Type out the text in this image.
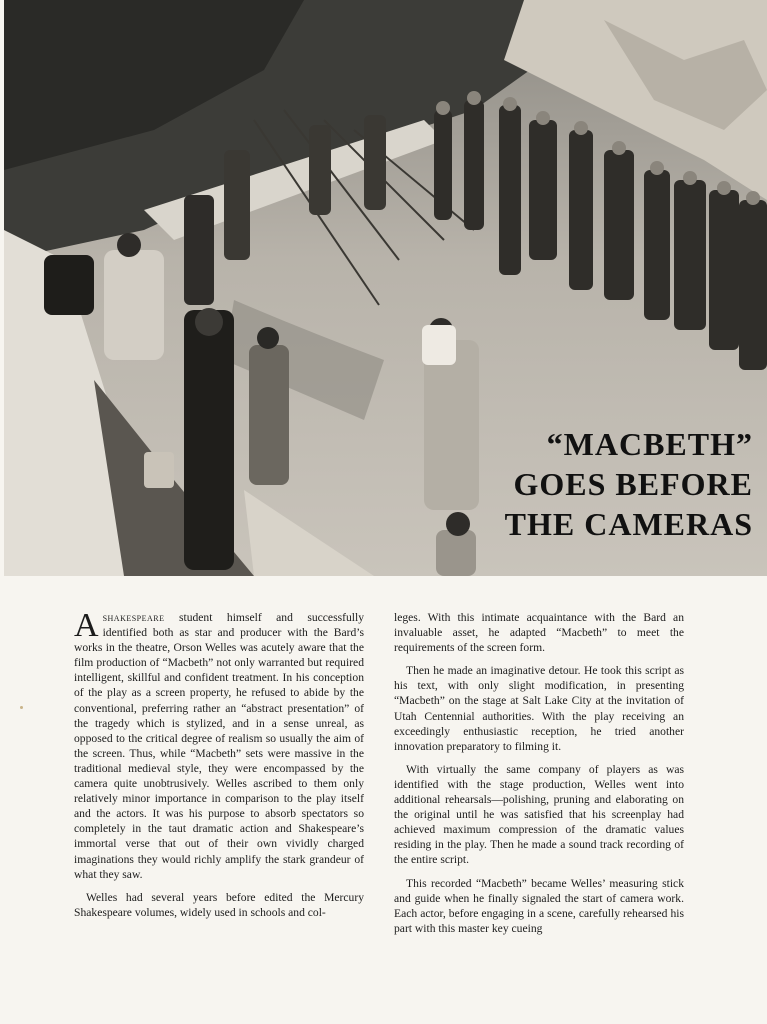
“MACBETH”
GOES BEFORE
THE CAMERAS

Ashakespeare student himself and successfully identified both as star and producer with the Bard’s works in the theatre, Orson Welles was acutely aware that the film production of “Macbeth” not only warranted but required intelligent, skillful and confident treatment. In his conception of the play as a screen property, he refused to abide by the conventional, preferring rather an “abstract presentation” of the tragedy which is stylized, and in a sense unreal, as opposed to the critical degree of realism so usually the aim of the screen. Thus, while “Macbeth” sets were massive in the traditional medieval style, they were encompassed by the camera quite unobtrusively. Welles ascribed to them only relatively minor importance in comparison to the play itself and the actors. It was his purpose to absorb spectators so completely in the taut dramatic action and Shakespeare’s immortal verse that out of their own vividly charged imaginations they would richly amplify the stark grandeur of what they saw.

Welles had several years before edited the Mercury Shakespeare volumes, widely used in schools and col-

leges. With this intimate acquaintance with the Bard an invaluable asset, he adapted “Macbeth” to meet the requirements of the screen form.

Then he made an imaginative detour. He took this script as his text, with only slight modification, in presenting “Macbeth” on the stage at Salt Lake City at the invitation of Utah Centennial authorities. With the play receiving an exceedingly enthusiastic reception, he tried another innovation preparatory to filming it.

With virtually the same company of players as was identified with the stage production, Welles went into additional rehearsals—polishing, pruning and elaborating on the original until he was satisfied that his screenplay had achieved maximum compression of the dramatic values residing in the play. Then he made a sound track recording of the entire script.

This recorded “Macbeth” became Welles’ measuring stick and guide when he finally signaled the start of camera work. Each actor, before engaging in a scene, carefully rehearsed his part with this master key cueing
